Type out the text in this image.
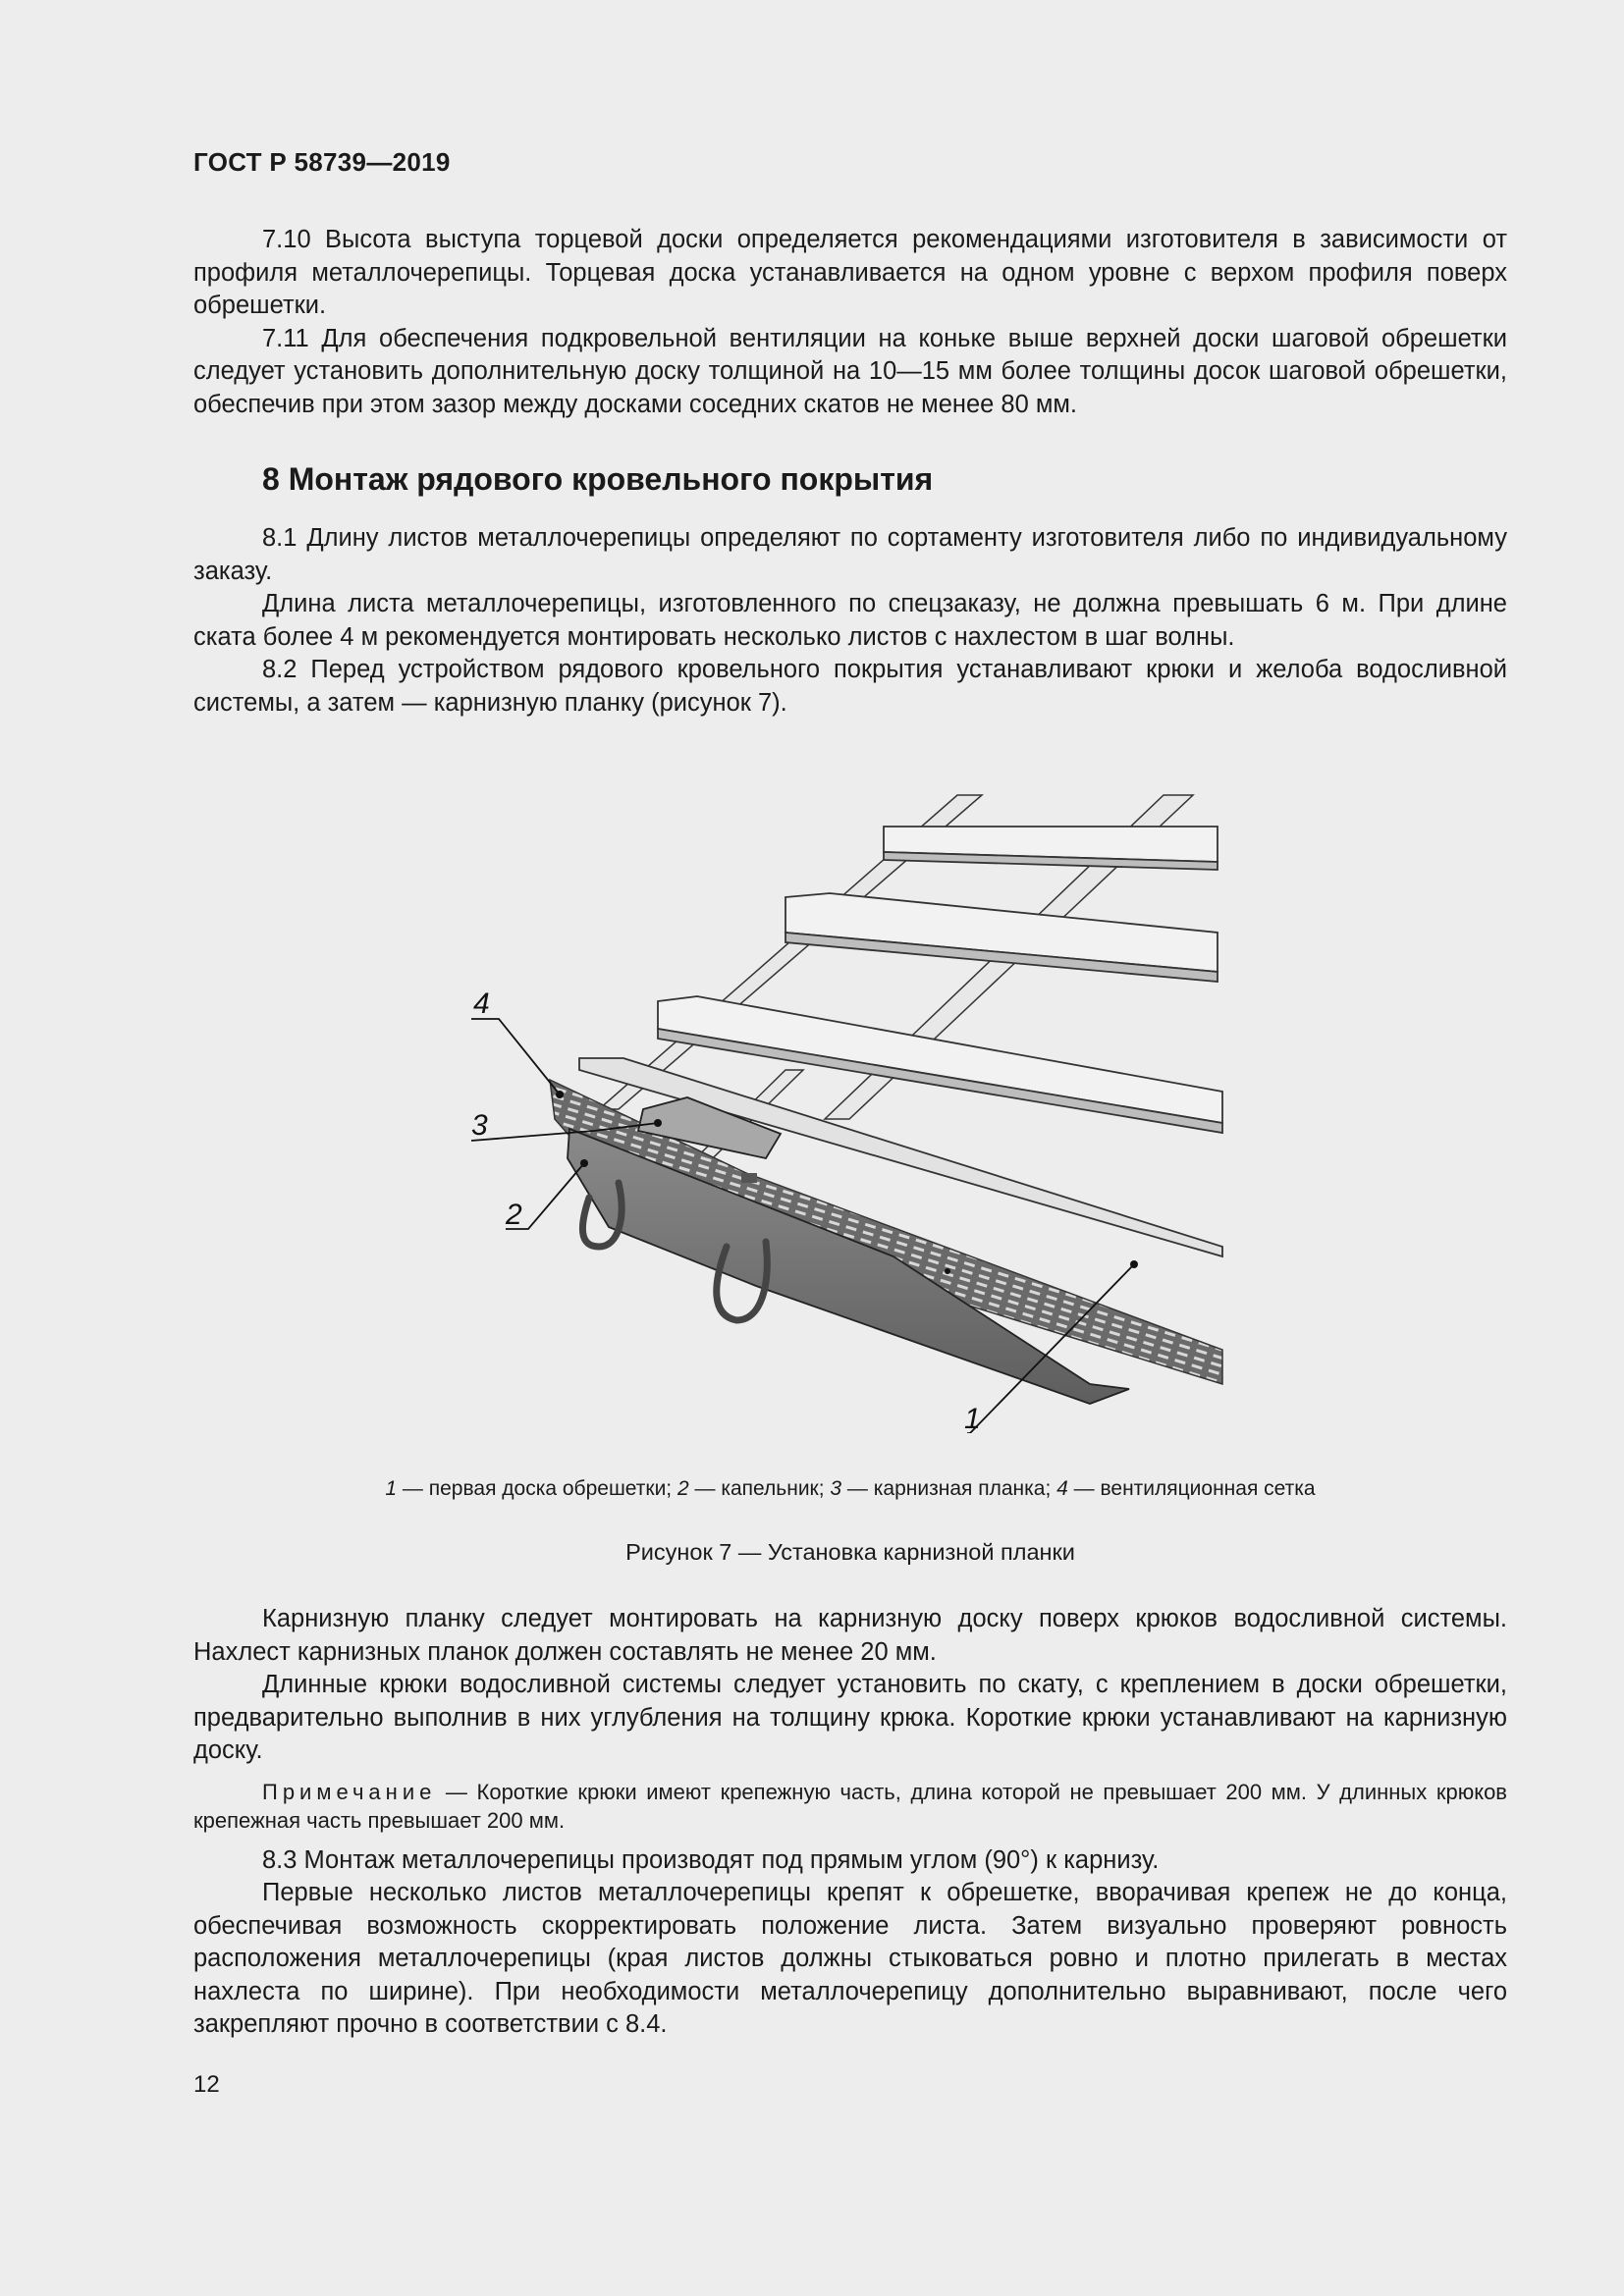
ГОСТ Р 58739—2019

7.10 Высота выступа торцевой доски определяется рекомендациями изготовителя в зависимости от профиля металлочерепицы. Торцевая доска устанавливается на одном уровне с верхом профиля поверх обрешетки.

7.11 Для обеспечения подкровельной вентиляции на коньке выше верхней доски шаговой обрешетки следует установить дополнительную доску толщиной на 10—15 мм более толщины досок шаговой обрешетки, обеспечив при этом зазор между досками соседних скатов не менее 80 мм.

8 Монтаж рядового кровельного покрытия

8.1 Длину листов металлочерепицы определяют по сортаменту изготовителя либо по индивидуальному заказу.

Длина листа металлочерепицы, изготовленного по спецзаказу, не должна превышать 6 м. При длине ската более 4 м рекомендуется монтировать несколько листов с нахлестом в шаг волны.

8.2 Перед устройством рядового кровельного покрытия устанавливают крюки и желоба водосливной системы, а затем — карнизную планку (рисунок 7).

4
3
2
1
1 — первая доска обрешетки; 2 — капельник; 3 — карнизная планка; 4 — вентиляционная сетка
Рисунок 7 — Установка карнизной планки

Карнизную планку следует монтировать на карнизную доску поверх крюков водосливной системы. Нахлест карнизных планок должен составлять не менее 20 мм.

Длинные крюки водосливной системы следует установить по скату, с креплением в доски обрешетки, предварительно выполнив в них углубления на толщину крюка. Короткие крюки устанавливают на карнизную доску.

Примечание — Короткие крюки имеют крепежную часть, длина которой не превышает 200 мм. У длинных крюков крепежная часть превышает 200 мм.

8.3 Монтаж металлочерепицы производят под прямым углом (90°) к карнизу.

Первые несколько листов металлочерепицы крепят к обрешетке, вворачивая крепеж не до конца, обеспечивая возможность скорректировать положение листа. Затем визуально проверяют ровность расположения металлочерепицы (края листов должны стыковаться ровно и плотно прилегать в местах нахлеста по ширине). При необходимости металлочерепицу дополнительно выравнивают, после чего закрепляют прочно в соответствии с 8.4.

12
